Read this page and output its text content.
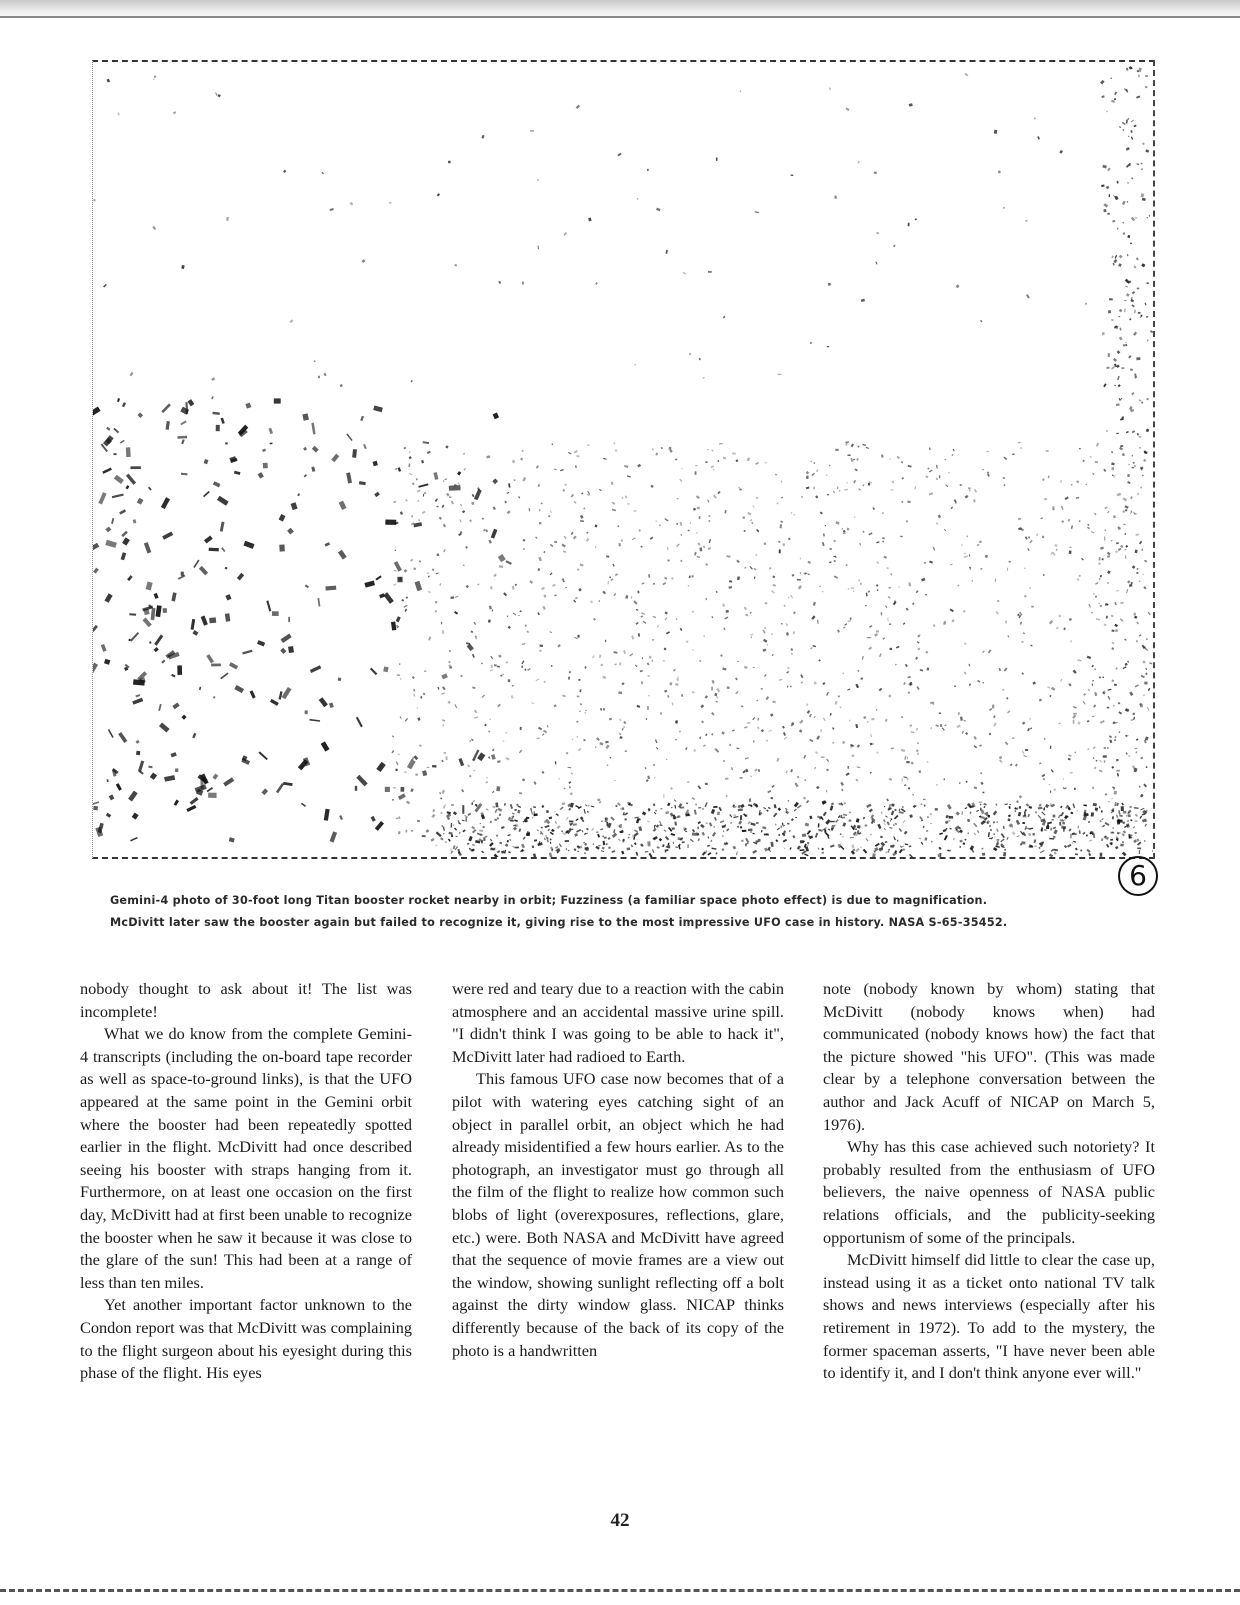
6
Gemini-4 photo of 30-foot long Titan booster rocket nearby in orbit; Fuzziness (a familiar space photo effect) is due to magnification.
McDivitt later saw the booster again but failed to recognize it, giving rise to the most impressive UFO case in history. NASA S-65-35452.

nobody thought to ask about it! The list was incomplete!

What we do know from the complete Gemini-4 transcripts (including the on-board tape recorder as well as space-to-ground links), is that the UFO appeared at the same point in the Gemini orbit where the booster had been repeatedly spotted earlier in the flight. McDivitt had once described seeing his booster with straps hanging from it. Furthermore, on at least one occasion on the first day, McDivitt had at first been unable to recognize the booster when he saw it because it was close to the glare of the sun! This had been at a range of less than ten miles.

Yet another important factor unknown to the Condon report was that McDivitt was complaining to the flight surgeon about his eyesight during this phase of the flight. His eyes

were red and teary due to a reaction with the cabin atmosphere and an accidental massive urine spill. "I didn't think I was going to be able to hack it", McDivitt later had radioed to Earth.

This famous UFO case now becomes that of a pilot with watering eyes catching sight of an object in parallel orbit, an object which he had already misidentified a few hours earlier. As to the photograph, an investigator must go through all the film of the flight to realize how common such blobs of light (overexposures, reflections, glare, etc.) were. Both NASA and McDivitt have agreed that the sequence of movie frames are a view out the window, showing sunlight reflecting off a bolt against the dirty window glass. NICAP thinks differently because of the back of its copy of the photo is a handwritten

note (nobody known by whom) stating that McDivitt (nobody knows when) had communicated (nobody knows how) the fact that the picture showed "his UFO". (This was made clear by a telephone conversation between the author and Jack Acuff of NICAP on March 5, 1976).

Why has this case achieved such notoriety? It probably resulted from the enthusiasm of UFO believers, the naive openness of NASA public relations officials, and the publicity-seeking opportunism of some of the principals.

McDivitt himself did little to clear the case up, instead using it as a ticket onto national TV talk shows and news interviews (especially after his retirement in 1972). To add to the mystery, the former spaceman asserts, "I have never been able to identify it, and I don't think anyone ever will."

42
